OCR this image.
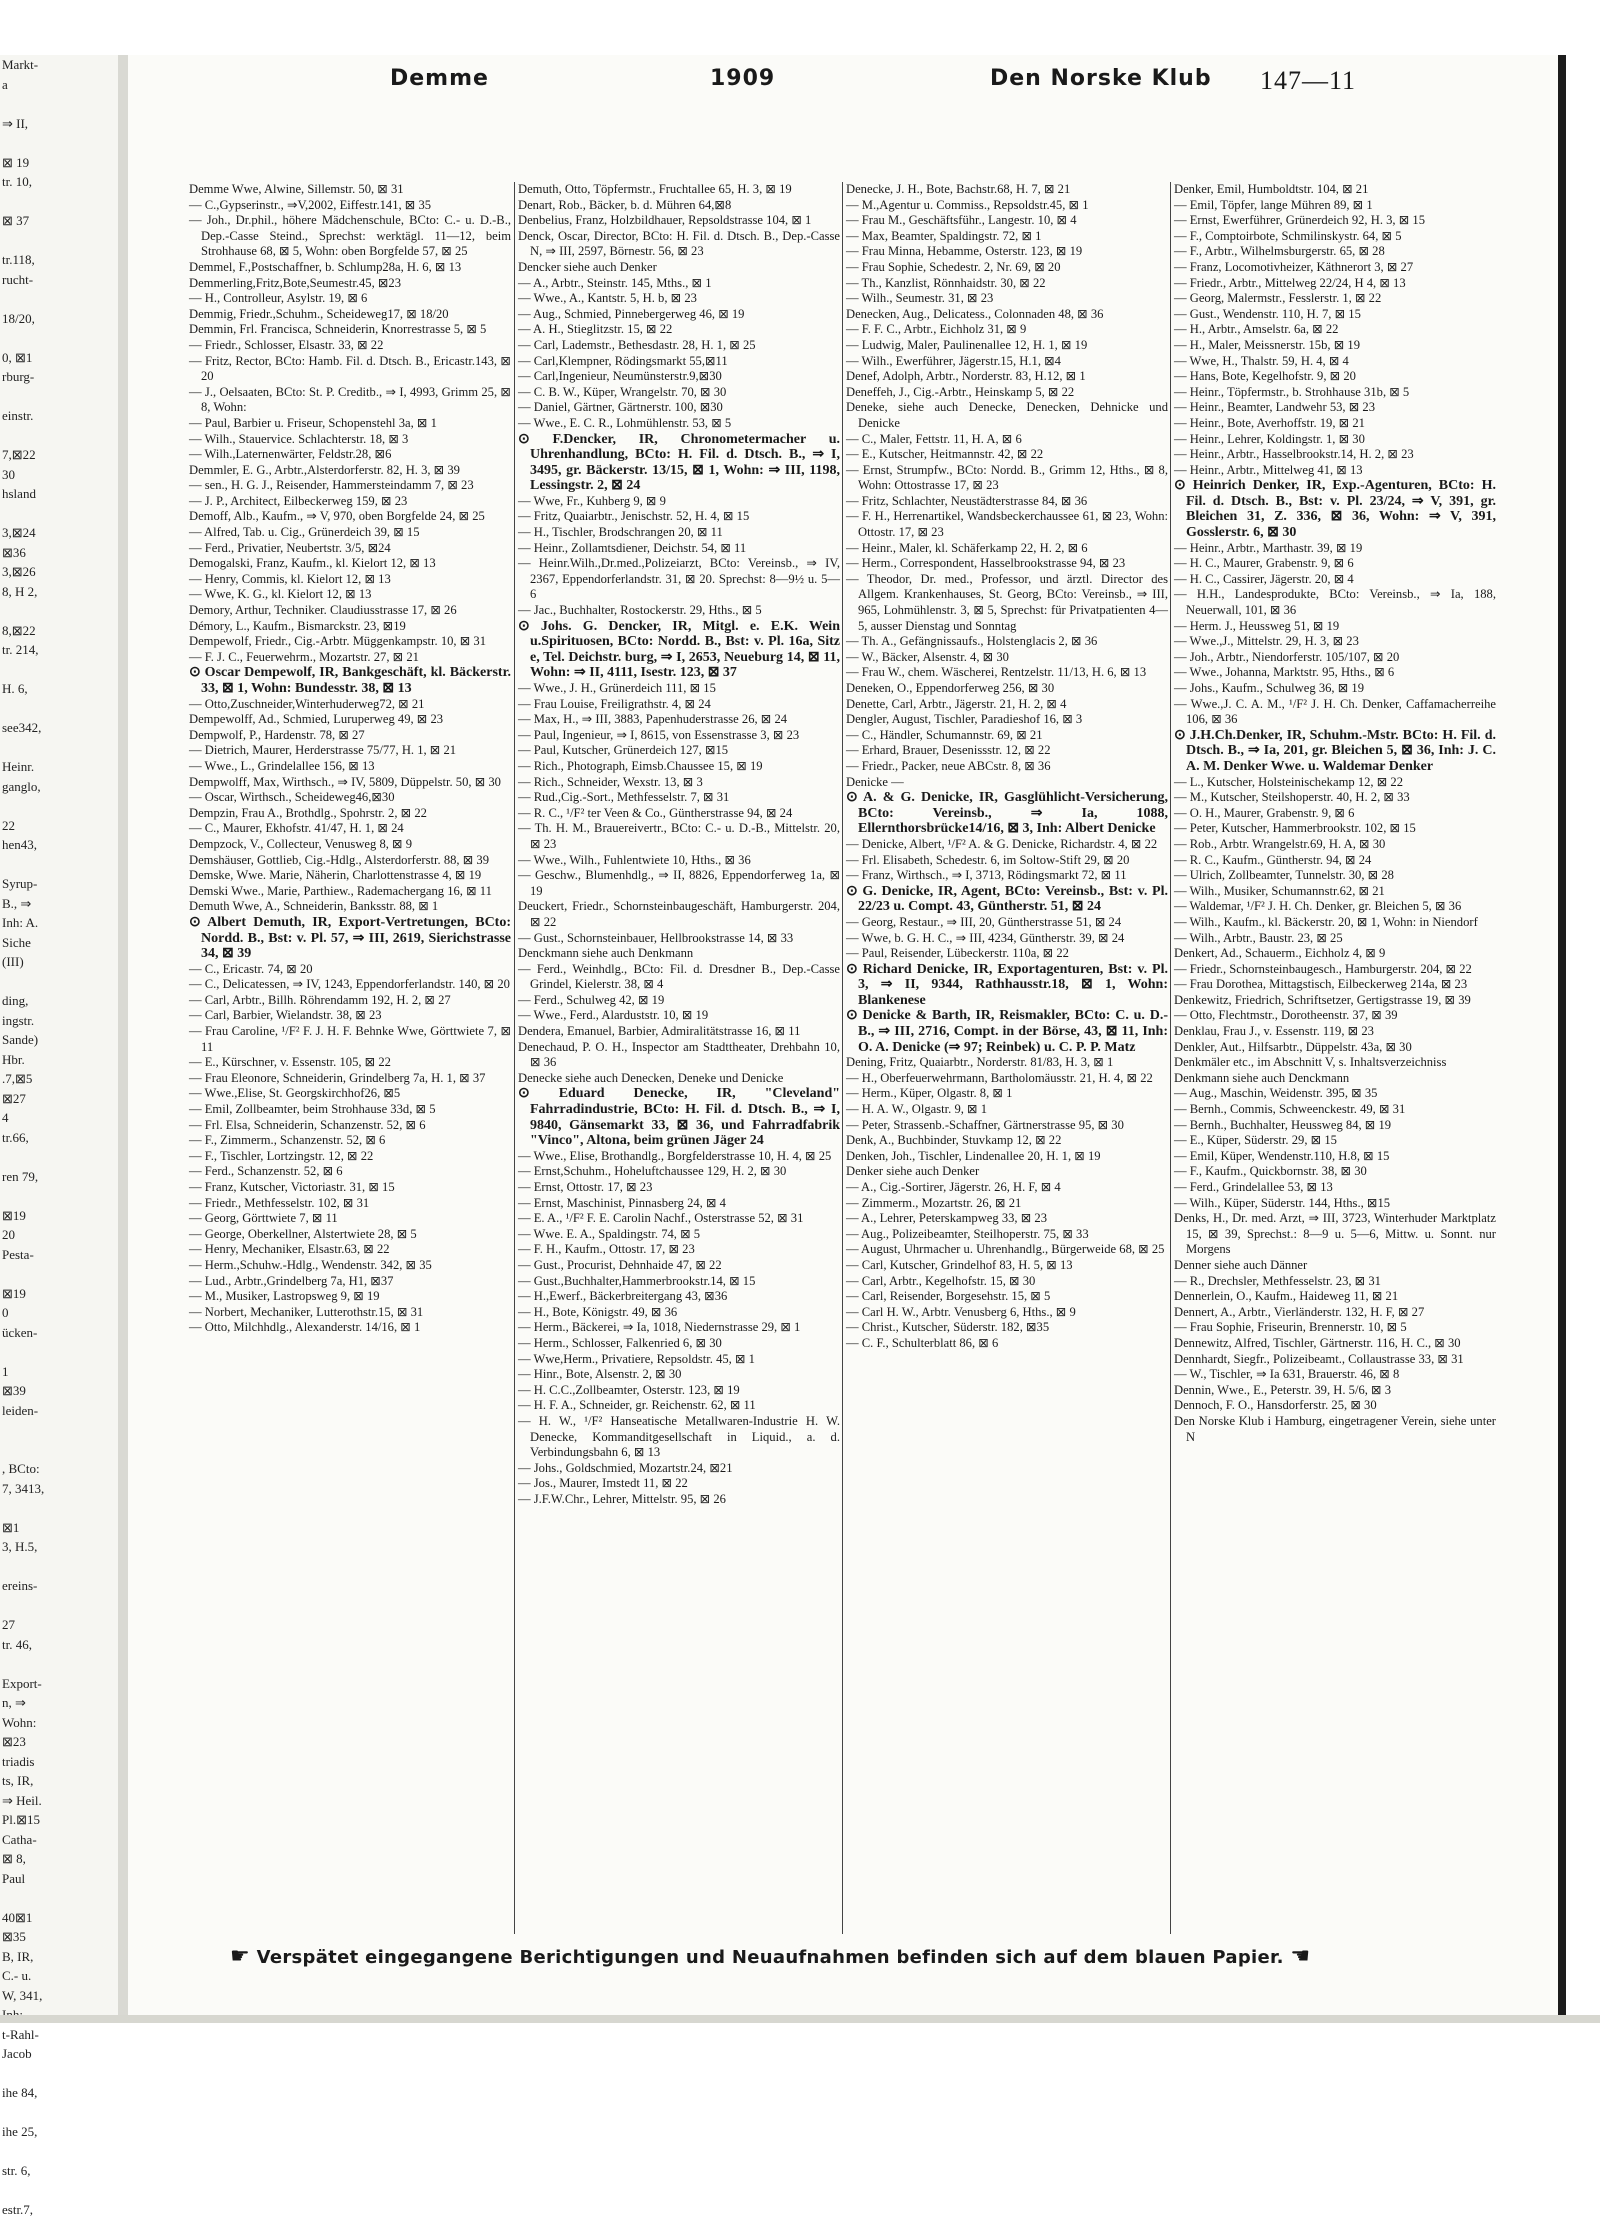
Markt-
a

⇒ II,

⊠ 19
tr. 10,

⊠ 37

tr.118,
rucht-

18/20,

0, ⊠1
rburg-

einstr.

7,⊠22
30
hsland

3,⊠24
⊠36
3,⊠26
8, H 2,

8,⊠22
tr. 214,

H. 6,

see342,

Heinr.
ganglo,

22
hen43,

Syrup-
B., ⇒
Inh: A.
Siche
(III)

ding,
ingstr.
Sande)
Hbr.
.7,⊠5
⊠27
4
tr.66,

ren 79,

⊠19
20
Pesta-

⊠19
0
ücken-

1
⊠39
leiden-

, BCto:
7, 3413,

⊠1
3, H.5,

ereins-

27
tr. 46,

Export-
n, ⇒
Wohn:
⊠23
triadis
ts, IR,
⇒ Heil.
Pl.⊠15
Catha-
⊠ 8,
Paul

40⊠1
⊠35
B, IR,
C.- u.
W, 341,
t-Rahl-
Jacob

ihe 84,

ihe 25,

str. 6,

estr.7,
Demme	1909	Den Norske Klub 147—11

Demme Wwe, Alwine, Sillemstr. 50, ⊠ 31

— C.,Gypserinstr., ⇒V,2002, Eiffestr.141, ⊠ 35

— Joh., Dr.phil., höhere Mädchenschule, BCto: C.- u. D.-B., Dep.-Casse Steind., Sprechst: werktägl. 11—12, beim Strohhause 68, ⊠ 5, Wohn: oben Borgfelde 57, ⊠ 25

Demmel, F.,Postschaffner, b. Schlump28a, H. 6, ⊠ 13

Demmerling,Fritz,Bote,Seumestr.45, ⊠23

— H., Controlleur, Asylstr. 19, ⊠ 6

Demmig, Friedr.,Schuhm., Scheideweg17, ⊠ 18/20

Demmin, Frl. Francisca, Schneiderin, Knorrestrasse 5, ⊠ 5

— Friedr., Schlosser, Elsastr. 33, ⊠ 22

— Fritz, Rector, BCto: Hamb. Fil. d. Dtsch. B., Ericastr.143, ⊠ 20

— J., Oelsaaten, BCto: St. P. Creditb., ⇒ I, 4993, Grimm 25, ⊠ 8, Wohn:

— Paul, Barbier u. Friseur, Schopenstehl 3a, ⊠ 1

— Wilh., Stauervice. Schlachterstr. 18, ⊠ 3

— Wilh.,Laternenwärter, Feldstr.28, ⊠6

Demmler, E. G., Arbtr.,Alsterdorferstr. 82, H. 3, ⊠ 39

— sen., H. G. J., Reisender, Hammersteindamm 7, ⊠ 23

— J. P., Architect, Eilbeckerweg 159, ⊠ 23

Demoff, Alb., Kaufm., ⇒ V, 970, oben Borgfelde 24, ⊠ 25

— Alfred, Tab. u. Cig., Grünerdeich 39, ⊠ 15

— Ferd., Privatier, Neubertstr. 3/5, ⊠24

Demogalski, Franz, Kaufm., kl. Kielort 12, ⊠ 13

— Henry, Commis, kl. Kielort 12, ⊠ 13

— Wwe, K. G., kl. Kielort 12, ⊠ 13

Demory, Arthur, Techniker. Claudiusstrasse 17, ⊠ 26

Démory, L., Kaufm., Bismarckstr. 23, ⊠19

Dempewolf, Friedr., Cig.-Arbtr. Müggenkampstr. 10, ⊠ 31

— F. J. C., Feuerwehrm., Mozartstr. 27, ⊠ 21

⊙ Oscar Dempewolf, IR, Bankgeschäft, kl. Bäckerstr. 33, ⊠ 1, Wohn: Bundesstr. 38, ⊠ 13

— Otto,Zuschneider,Winterhuderweg72, ⊠ 21

Dempewolff, Ad., Schmied, Luruperweg 49, ⊠ 23

Dempwolf, P., Hardenstr. 78, ⊠ 27

— Dietrich, Maurer, Herderstrasse 75/77, H. 1, ⊠ 21

— Wwe., L., Grindelallee 156, ⊠ 13

Dempwolff, Max, Wirthsch., ⇒ IV, 5809, Düppelstr. 50, ⊠ 30

— Oscar, Wirthsch., Scheideweg46,⊠30

Dempzin, Frau A., Brothdlg., Spohrstr. 2, ⊠ 22

— C., Maurer, Ekhofstr. 41/47, H. 1, ⊠ 24

Dempzock, V., Collecteur, Venusweg 8, ⊠ 9

Demshäuser, Gottlieb, Cig.-Hdlg., Alsterdorferstr. 88, ⊠ 39

Demske, Wwe. Marie, Näherin, Charlottenstrasse 4, ⊠ 19

Demski Wwe., Marie, Parthiew., Rademachergang 16, ⊠ 11

Demuth Wwe, A., Schneiderin, Banksstr. 88, ⊠ 1

⊙ Albert Demuth, IR, Export-Vertretungen, BCto: Nordd. B., Bst: v. Pl. 57, ⇒ III, 2619, Sierichstrasse 34, ⊠ 39

— C., Ericastr. 74, ⊠ 20

— C., Delicatessen, ⇒ IV, 1243, Eppendorferlandstr. 140, ⊠ 20

— Carl, Arbtr., Billh. Röhrendamm 192, H. 2, ⊠ 27

— Carl, Barbier, Wielandstr. 38, ⊠ 23

— Frau Caroline, ¹/F² F. J. H. F. Behnke Wwe, Görttwiete 7, ⊠ 11

— E., Kürschner, v. Essenstr. 105, ⊠ 22

— Frau Eleonore, Schneiderin, Grindelberg 7a, H. 1, ⊠ 37

— Wwe.,Elise, St. Georgskirchhof26, ⊠5

— Emil, Zollbeamter, beim Strohhause 33d, ⊠ 5

— Frl. Elsa, Schneiderin, Schanzenstr. 52, ⊠ 6

— F., Zimmerm., Schanzenstr. 52, ⊠ 6

— F., Tischler, Lortzingstr. 12, ⊠ 22

— Ferd., Schanzenstr. 52, ⊠ 6

— Franz, Kutscher, Victoriastr. 31, ⊠ 15

— Friedr., Methfesselstr. 102, ⊠ 31

— Georg, Görttwiete 7, ⊠ 11

— George, Oberkellner, Alstertwiete 28, ⊠ 5

— Henry, Mechaniker, Elsastr.63, ⊠ 22

— Herm.,Schuhw.-Hdlg., Wendenstr. 342, ⊠ 35

— Lud., Arbtr.,Grindelberg 7a, H1, ⊠37

— M., Musiker, Lastropsweg 9, ⊠ 19

— Norbert, Mechaniker, Lutterothstr.15, ⊠ 31

— Otto, Milchhdlg., Alexanderstr. 14/16, ⊠ 1

Demuth, Otto, Töpfermstr., Fruchtallee 65, H. 3, ⊠ 19

Denart, Rob., Bäcker, b. d. Mühren 64,⊠8

Denbelius, Franz, Holzbildhauer, Repsoldstrasse 104, ⊠ 1

Denck, Oscar, Director, BCto: H. Fil. d. Dtsch. B., Dep.-Casse N, ⇒ III, 2597, Börnestr. 56, ⊠ 23

Dencker siehe auch Denker

— A., Arbtr., Steinstr. 145, Mths., ⊠ 1

— Wwe., A., Kantstr. 5, H. b, ⊠ 23

— Aug., Schmied, Pinnebergerweg 46, ⊠ 19

— A. H., Stieglitzstr. 15, ⊠ 22

— Carl, Lademstr., Bethesdastr. 28, H. 1, ⊠ 25

— Carl,Klempner, Rödingsmarkt 55,⊠11

— Carl,Ingenieur, Neumünsterstr.9,⊠30

— C. B. W., Küper, Wrangelstr. 70, ⊠ 30

— Daniel, Gärtner, Gärtnerstr. 100, ⊠30

— Wwe., E. C. R., Lohmühlenstr. 53, ⊠ 5

⊙ F.Dencker, IR, Chronometermacher u. Uhrenhandlung, BCto: H. Fil. d. Dtsch. B., ⇒ I, 3495, gr. Bäckerstr. 13/15, ⊠ 1, Wohn: ⇒ III, 1198, Lessingstr. 2, ⊠ 24

— Wwe, Fr., Kuhberg 9, ⊠ 9

— Fritz, Quaiarbtr., Jenischstr. 52, H. 4, ⊠ 15

— H., Tischler, Brodschrangen 20, ⊠ 11

— Heinr., Zollamtsdiener, Deichstr. 54, ⊠ 11

— Heinr.Wilh.,Dr.med.,Polizeiarzt, BCto: Vereinsb., ⇒ IV, 2367, Eppendorferlandstr. 31, ⊠ 20. Sprechst: 8—9½ u. 5—6

— Jac., Buchhalter, Rostockerstr. 29, Hths., ⊠ 5

⊙ Johs. G. Dencker, IR, Mitgl. e. E.K. Wein u.Spirituosen, BCto: Nordd. B., Bst: v. Pl. 16a, Sitz e, Tel. Deichstr. burg, ⇒ I, 2653, Neueburg 14, ⊠ 11, Wohn: ⇒ II, 4111, Isestr. 123, ⊠ 37

— Wwe., J. H., Grünerdeich 111, ⊠ 15

— Frau Louise, Freiligrathstr. 4, ⊠ 24

— Max, H., ⇒ III, 3883, Papenhuderstrasse 26, ⊠ 24

— Paul, Ingenieur, ⇒ I, 8615, von Essenstrasse 3, ⊠ 23

— Paul, Kutscher, Grünerdeich 127, ⊠15

— Rich., Photograph, Eimsb.Chaussee 15, ⊠ 19

— Rich., Schneider, Wexstr. 13, ⊠ 3

— Rud.,Cig.-Sort., Methfesselstr. 7, ⊠ 31

— R. C., ¹/F² ter Veen & Co., Güntherstrasse 94, ⊠ 24

— Th. H. M., Brauereivertr., BCto: C.- u. D.-B., Mittelstr. 20, ⊠ 23

— Wwe., Wilh., Fuhlentwiete 10, Hths., ⊠ 36

— Geschw., Blumenhdlg., ⇒ II, 8826, Eppendorferweg 1a, ⊠ 19

Deuckert, Friedr., Schornsteinbaugeschäft, Hamburgerstr. 204, ⊠ 22

— Gust., Schornsteinbauer, Hellbrookstrasse 14, ⊠ 33

Denckmann siehe auch Denkmann

— Ferd., Weinhdlg., BCto: Fil. d. Dresdner B., Dep.-Casse Grindel, Kielerstr. 38, ⊠ 4

— Ferd., Schulweg 42, ⊠ 19

— Wwe., Ferd., Alarduststr. 10, ⊠ 19

Dendera, Emanuel, Barbier, Admiralitätstrasse 16, ⊠ 11

Denechaud, P. O. H., Inspector am Stadttheater, Drehbahn 10, ⊠ 36

Denecke siehe auch Denecken, Deneke und Denicke

⊙ Eduard Denecke, IR, "Cleveland" Fahrradindustrie, BCto: H. Fil. d. Dtsch. B., ⇒ I, 9840, Gänsemarkt 33, ⊠ 36, und Fahrradfabrik "Vinco", Altona, beim grünen Jäger 24

— Wwe., Elise, Brothandlg., Borgfelderstrasse 10, H. 4, ⊠ 25

— Ernst,Schuhm., Hoheluftchaussee 129, H. 2, ⊠ 30

— Ernst, Ottostr. 17, ⊠ 23

— Ernst, Maschinist, Pinnasberg 24, ⊠ 4

— E. A., ¹/F² F. E. Carolin Nachf., Osterstrasse 52, ⊠ 31

— Wwe. E. A., Spaldingstr. 74, ⊠ 5

— F. H., Kaufm., Ottostr. 17, ⊠ 23

— Gust., Procurist, Dehnhaide 47, ⊠ 22

— Gust.,Buchhalter,Hammerbrookstr.14, ⊠ 15

— H.,Ewerf., Bäckerbreitergang 43, ⊠36

— H., Bote, Königstr. 49, ⊠ 36

— Herm., Bäckerei, ⇒ Ia, 1018, Niedernstrasse 29, ⊠ 1

— Herm., Schlosser, Falkenried 6, ⊠ 30

— Wwe,Herm., Privatiere, Repsoldstr. 45, ⊠ 1

— Hinr., Bote, Alsenstr. 2, ⊠ 30

— H. C.C.,Zollbeamter, Osterstr. 123, ⊠ 19

— H. F. A., Schneider, gr. Reichenstr. 62, ⊠ 11

— H. W., ¹/F² Hanseatische Metallwaren-Industrie H. W. Denecke, Kommanditgesellschaft in Liquid., a. d. Verbindungsbahn 6, ⊠ 13

— Johs., Goldschmied, Mozartstr.24, ⊠21

— Jos., Maurer, Imstedt 11, ⊠ 22

— J.F.W.Chr., Lehrer, Mittelstr. 95, ⊠ 26

Denecke, J. H., Bote, Bachstr.68, H. 7, ⊠ 21

— M.,Agentur u. Commiss., Repsoldstr.45, ⊠ 1

— Frau M., Geschäftsführ., Langestr. 10, ⊠ 4

— Max, Beamter, Spaldingstr. 72, ⊠ 1

— Frau Minna, Hebamme, Osterstr. 123, ⊠ 19

— Frau Sophie, Schedestr. 2, Nr. 69, ⊠ 20

— Th., Kanzlist, Rönnhaidstr. 30, ⊠ 22

— Wilh., Seumestr. 31, ⊠ 23

Denecken, Aug., Delicatess., Colonnaden 48, ⊠ 36

— F. F. C., Arbtr., Eichholz 31, ⊠ 9

— Ludwig, Maler, Paulinenallee 12, H. 1, ⊠ 19

— Wilh., Ewerführer, Jägerstr.15, H.1, ⊠4

Denef, Adolph, Arbtr., Norderstr. 83, H.12, ⊠ 1

Deneffeh, J., Cig.-Arbtr., Heinskamp 5, ⊠ 22

Deneke, siehe auch Denecke, Denecken, Dehnicke und Denicke

— C., Maler, Fettstr. 11, H. A, ⊠ 6

— E., Kutscher, Heitmannstr. 42, ⊠ 22

— Ernst, Strumpfw., BCto: Nordd. B., Grimm 12, Hths., ⊠ 8, Wohn: Ottostrasse 17, ⊠ 23

— Fritz, Schlachter, Neustädterstrasse 84, ⊠ 36

— F. H., Herrenartikel, Wandsbeckerchaussee 61, ⊠ 23, Wohn: Ottostr. 17, ⊠ 23

— Heinr., Maler, kl. Schäferkamp 22, H. 2, ⊠ 6

— Herm., Correspondent, Hasselbrookstrasse 94, ⊠ 23

— Theodor, Dr. med., Professor, und ärztl. Director des Allgem. Krankenhauses, St. Georg, BCto: Vereinsb., ⇒ III, 965, Lohmühlenstr. 3, ⊠ 5, Sprechst: für Privatpatienten 4—5, ausser Dienstag und Sonntag

— Th. A., Gefängnissaufs., Holstenglacis 2, ⊠ 36

— W., Bäcker, Alsenstr. 4, ⊠ 30

— Frau W., chem. Wäscherei, Rentzelstr. 11/13, H. 6, ⊠ 13

Deneken, O., Eppendorferweg 256, ⊠ 30

Denette, Carl, Arbtr., Jägerstr. 21, H. 2, ⊠ 4

Dengler, August, Tischler, Paradieshof 16, ⊠ 3

— C., Händler, Schumannstr. 69, ⊠ 21

— Erhard, Brauer, Desenissstr. 12, ⊠ 22

— Friedr., Packer, neue ABCstr. 8, ⊠ 36

Denicke —

⊙ A. & G. Denicke, IR, Gasglühlicht-Versicherung, BCto: Vereinsb., ⇒ Ia, 1088, Ellernthorsbrücke14/16, ⊠ 3, Inh: Albert Denicke

— Denicke, Albert, ¹/F² A. & G. Denicke, Richardstr. 4, ⊠ 22

— Frl. Elisabeth, Schedestr. 6, im Soltow-Stift 29, ⊠ 20

— Franz, Wirthsch., ⇒ I, 3713, Rödingsmarkt 72, ⊠ 11

⊙ G. Denicke, IR, Agent, BCto: Vereinsb., Bst: v. Pl. 22/23 u. Compt. 43, Güntherstr. 51, ⊠ 24

— Georg, Restaur., ⇒ III, 20, Güntherstrasse 51, ⊠ 24

— Wwe, b. G. H. C., ⇒ III, 4234, Güntherstr. 39, ⊠ 24

— Paul, Reisender, Lübeckerstr. 110a, ⊠ 22

⊙ Richard Denicke, IR, Exportagenturen, Bst: v. Pl. 3, ⇒ II, 9344, Rathhausstr.18, ⊠ 1, Wohn: Blankenese

⊙ Denicke & Barth, IR, Reismakler, BCto: C. u. D.-B., ⇒ III, 2716, Compt. in der Börse, 43, ⊠ 11, Inh: O. A. Denicke (⇒ 97; Reinbek) u. C. P. P. Matz

Dening, Fritz, Quaiarbtr., Norderstr. 81/83, H. 3, ⊠ 1

— H., Oberfeuerwehrmann, Bartholomäusstr. 21, H. 4, ⊠ 22

— Herm., Küper, Olgastr. 8, ⊠ 1

— H. A. W., Olgastr. 9, ⊠ 1

— Peter, Strassenb.-Schaffner, Gärtnerstrasse 95, ⊠ 30

Denk, A., Buchbinder, Stuvkamp 12, ⊠ 22

Denken, Joh., Tischler, Lindenallee 20, H. 1, ⊠ 19

Denker siehe auch Denker

— A., Cig.-Sortirer, Jägerstr. 26, H. F, ⊠ 4

— Zimmerm., Mozartstr. 26, ⊠ 21

— A., Lehrer, Peterskampweg 33, ⊠ 23

— Aug., Polizeibeamter, Steilhoperstr. 75, ⊠ 33

— August, Uhrmacher u. Uhrenhandlg., Bürgerweide 68, ⊠ 25

— Carl, Kutscher, Grindelhof 83, H. 5, ⊠ 13

— Carl, Arbtr., Kegelhofstr. 15, ⊠ 30

— Carl, Reisender, Borgesehstr. 15, ⊠ 5

— Carl H. W., Arbtr. Venusberg 6, Hths., ⊠ 9

— Christ., Kutscher, Süderstr. 182, ⊠35

— C. F., Schulterblatt 86, ⊠ 6

Denker, Emil, Humboldtstr. 104, ⊠ 21

— Emil, Töpfer, lange Mühren 89, ⊠ 1

— Ernst, Ewerführer, Grünerdeich 92, H. 3, ⊠ 15

— F., Comptoirbote, Schmilinskystr. 64, ⊠ 5

— F., Arbtr., Wilhelmsburgerstr. 65, ⊠ 28

— Franz, Locomotivheizer, Käthnerort 3, ⊠ 27

— Friedr., Arbtr., Mittelweg 22/24, H 4, ⊠ 13

— Georg, Malermstr., Fesslerstr. 1, ⊠ 22

— Gust., Wendenstr. 110, H. 7, ⊠ 15

— H., Arbtr., Amselstr. 6a, ⊠ 22

— H., Maler, Meissnerstr. 15b, ⊠ 19

— Wwe, H., Thalstr. 59, H. 4, ⊠ 4

— Hans, Bote, Kegelhofstr. 9, ⊠ 20

— Heinr., Töpfermstr., b. Strohhause 31b, ⊠ 5

— Heinr., Beamter, Landwehr 53, ⊠ 23

— Heinr., Bote, Averhoffstr. 19, ⊠ 21

— Heinr., Lehrer, Koldingstr. 1, ⊠ 30

— Heinr., Arbtr., Hasselbrookstr.14, H. 2, ⊠ 23

— Heinr., Arbtr., Mittelweg 41, ⊠ 13

⊙ Heinrich Denker, IR, Exp.-Agenturen, BCto: H. Fil. d. Dtsch. B., Bst: v. Pl. 23/24, ⇒ V, 391, gr. Bleichen 31, Z. 336, ⊠ 36, Wohn: ⇒ V, 391, Gosslerstr. 6, ⊠ 30

— Heinr., Arbtr., Marthastr. 39, ⊠ 19

— H. C., Maurer, Grabenstr. 9, ⊠ 6

— H. C., Cassirer, Jägerstr. 20, ⊠ 4

— H.H., Landesprodukte, BCto: Vereinsb., ⇒ Ia, 188, Neuerwall, 101, ⊠ 36

— Herm. J., Heussweg 51, ⊠ 19

— Wwe.,J., Mittelstr. 29, H. 3, ⊠ 23

— Joh., Arbtr., Niendorferstr. 105/107, ⊠ 20

— Wwe., Johanna, Marktstr. 95, Hths., ⊠ 6

— Johs., Kaufm., Schulweg 36, ⊠ 19

— Wwe.,J. C. A. M., ¹/F² J. H. Ch. Denker, Caffamacherreihe 106, ⊠ 36

⊙ J.H.Ch.Denker, IR, Schuhm.-Mstr. BCto: H. Fil. d. Dtsch. B., ⇒ Ia, 201, gr. Bleichen 5, ⊠ 36, Inh: J. C. A. M. Denker Wwe. u. Waldemar Denker

— L., Kutscher, Holsteinischekamp 12, ⊠ 22

— M., Kutscher, Steilshoperstr. 40, H. 2, ⊠ 33

— O. H., Maurer, Grabenstr. 9, ⊠ 6

— Peter, Kutscher, Hammerbrookstr. 102, ⊠ 15

— Rob., Arbtr. Wrangelstr.69, H. A, ⊠ 30

— R. C., Kaufm., Güntherstr. 94, ⊠ 24

— Ulrich, Zollbeamter, Tunnelstr. 30, ⊠ 28

— Wilh., Musiker, Schumannstr.62, ⊠ 21

— Waldemar, ¹/F² J. H. Ch. Denker, gr. Bleichen 5, ⊠ 36

— Wilh., Kaufm., kl. Bäckerstr. 20, ⊠ 1, Wohn: in Niendorf

— Wilh., Arbtr., Baustr. 23, ⊠ 25

Denkert, Ad., Schauerm., Eichholz 4, ⊠ 9

— Friedr., Schornsteinbaugesch., Hamburgerstr. 204, ⊠ 22

— Frau Dorothea, Mittagstisch, Eilbeckerweg 214a, ⊠ 23

Denkewitz, Friedrich, Schriftsetzer, Gertigstrasse 19, ⊠ 39

— Otto, Flechtmstr., Dorotheenstr. 37, ⊠ 39

Denklau, Frau J., v. Essenstr. 119, ⊠ 23

Denkler, Aut., Hilfsarbtr., Düppelstr. 43a, ⊠ 30

Denkmäler etc., im Abschnitt V, s. Inhaltsverzeichniss

Denkmann siehe auch Denckmann

— Aug., Maschin, Weidenstr. 395, ⊠ 35

— Bernh., Commis, Schweenckestr. 49, ⊠ 31

— Bernh., Buchhalter, Heussweg 84, ⊠ 19

— E., Küper, Süderstr. 29, ⊠ 15

— Emil, Küper, Wendenstr.110, H.8, ⊠ 15

— F., Kaufm., Quickbornstr. 38, ⊠ 30

— Ferd., Grindelallee 53, ⊠ 13

— Wilh., Küper, Süderstr. 144, Hths., ⊠15

Denks, H., Dr. med. Arzt, ⇒ III, 3723, Winterhuder Marktplatz 15, ⊠ 39, Sprechst.: 8—9 u. 5—6, Mittw. u. Sonnt. nur Morgens

Denner siehe auch Dänner

— R., Drechsler, Methfesselstr. 23, ⊠ 31

Dennerlein, O., Kaufm., Haideweg 11, ⊠ 21

Dennert, A., Arbtr., Vierländerstr. 132, H. F, ⊠ 27

— Frau Sophie, Friseurin, Brennerstr. 10, ⊠ 5

Dennewitz, Alfred, Tischler, Gärtnerstr. 116, H. C., ⊠ 30

Dennhardt, Siegfr., Polizeibeamt., Collaustrasse 33, ⊠ 31

— W., Tischler, ⇒ Ia 631, Brauerstr. 46, ⊠ 8

Dennin, Wwe., E., Peterstr. 39, H. 5/6, ⊠ 3

Dennoch, F. O., Hansdorferstr. 25, ⊠ 30

Den Norske Klub i Hamburg, eingetragener Verein, siehe unter N

☛ Verspätet eingegangene Berichtigungen und Neuaufnahmen befinden sich auf dem blauen Papier. ☚
